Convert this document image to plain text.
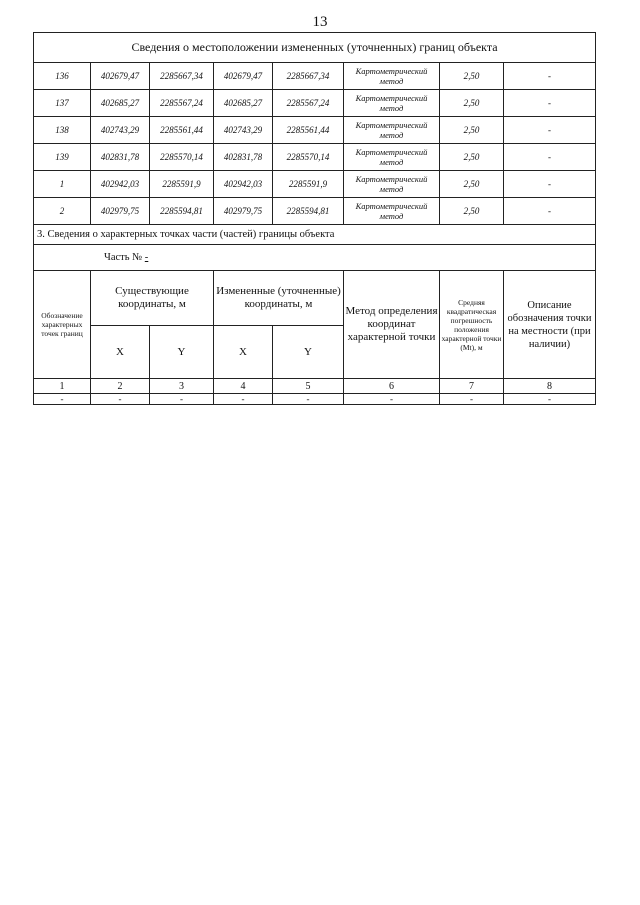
13
Сведения о местоположении измененных (уточненных) границ объекта							
136	402679,47	2285667,34	402679,47	2285667,34	Картометрический метод	2,50	-
137	402685,27	2285567,24	402685,27	2285567,24	Картометрический метод	2,50	-
138	402743,29	2285561,44	402743,29	2285561,44	Картометрический метод	2,50	-
139	402831,78	2285570,14	402831,78	2285570,14	Картометрический метод	2,50	-
1	402942,03	2285591,9	402942,03	2285591,9	Картометрический метод	2,50	-
2	402979,75	2285594,81	402979,75	2285594,81	Картометрический метод	2,50	-
3. Сведения о характерных точках части (частей) границы объекта							
Часть № -							
Обозначение характерных точек границ	Существующие координаты, м		Измененные (уточненные) координаты, м		Метод определения координат характерной точки	Средняя квадратическая погрешность положения характерной точки (Mt), м	Описание обозначения точки на местности (при наличии)
	X	Y	X	Y			
1	2	3	4	5	6	7	8
-	-	-	-	-	-	-	-
